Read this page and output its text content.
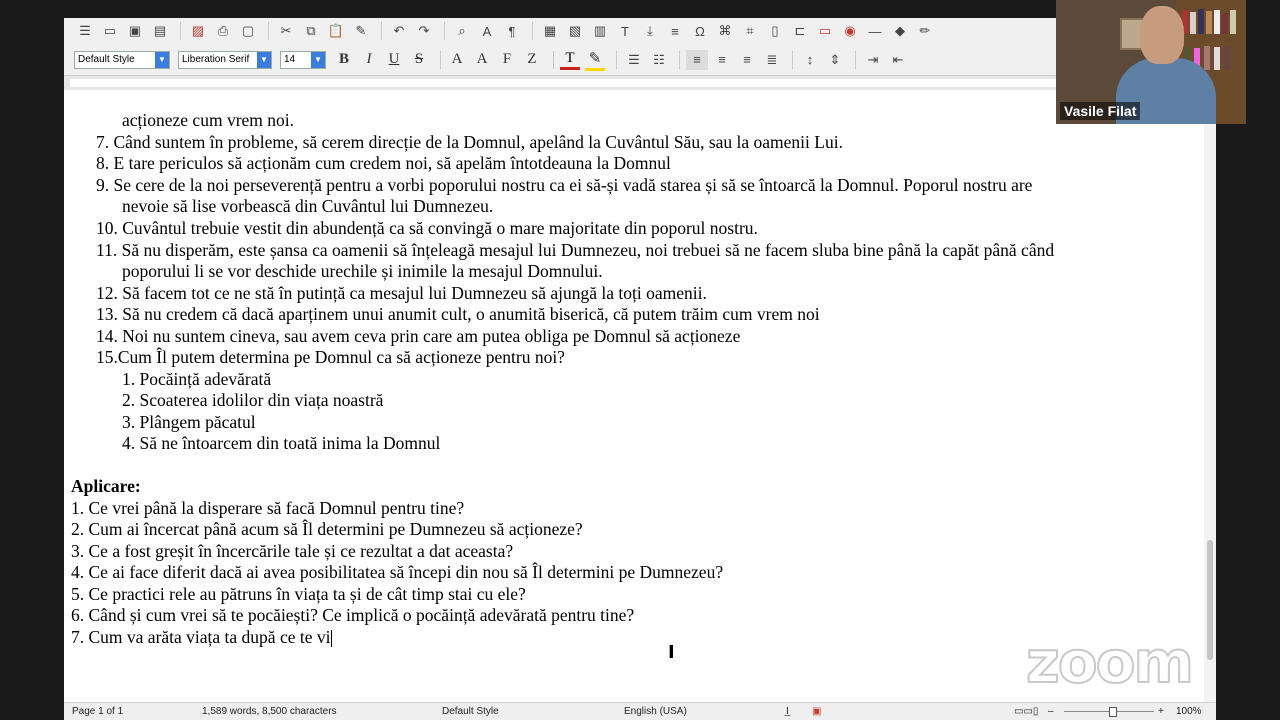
☰	▭ ▣ ▤	▨	⎙	▢	✂	⧉ 📋 ✎	↶	↷	⌕	A	¶	▦ ▧ ▥	T	⤓	≡	Ω	⌘	⌗	▯	⊏	▭	◉ —	◆	✏
Default Style	▼	Liberation Serif	▼	14	▼	B	I	U	S	A A	F	Z	T ✎	☰	☷	≡	≡	≡	≣	↕	⇕	⇥	⇤
acționeze cum vrem noi.
7. Când suntem în probleme, să cerem direcție de la Domnul, apelând la Cuvântul Său, sau la oamenii Lui.
8. E tare periculos să acționăm cum credem noi, să apelăm întotdeauna la Domnul
9. Se cere de la noi perseverență pentru a vorbi poporului nostru ca ei să-și vadă starea și să se întoarcă la Domnul. Poporul nostru are
nevoie să lise vorbească din Cuvântul lui Dumnezeu.
10. Cuvântul trebuie vestit din abundență ca să convingă o mare majoritate din poporul nostru.
11. Să nu disperăm, este șansa ca oamenii să înțeleagă mesajul lui Dumnezeu, noi trebuei să ne facem sluba bine până la capăt până când
poporului li se vor deschide urechile și inimile la mesajul Domnului.
12. Să facem tot ce ne stă în putință ca mesajul lui Dumnezeu să ajungă la toți oamenii.
13. Să nu credem că dacă aparținem unui anumit cult, o anumită biserică, că putem trăim cum vrem noi
14. Noi nu suntem cineva, sau avem ceva prin care am putea obliga pe Domnul să acționeze
15.Cum Îl putem determina pe Domnul ca să acționeze pentru noi?
1. Pocăință adevărată
2. Scoaterea idolilor din viața noastră
3. Plângem păcatul
4. Să ne întoarcem din toată inima la Domnul
Aplicare:
1. Ce vrei până la disperare să facă Domnul pentru tine?
2. Cum ai încercat până acum să Îl determini pe Dumnezeu să acționeze?
3. Ce a fost greșit în încercările tale și ce rezultat a dat aceasta?
4. Ce ai face diferit dacă ai avea posibilitatea să începi din nou să Îl determini pe Dumnezeu?
5. Ce practici rele au pătruns în viața ta și de cât timp stai cu ele?
6. Când și cum vrei să te pocăiești? Ce implică o pocăință adevărată pentru tine?
7. Cum va arăta viața ta după ce te vi
I
Page 1 of 1	1,589 words, 8,500 characters	Default Style	English (USA)	I̲ ▣	▭▭▯ –	+ 100%
Vasile Filat
zoom
